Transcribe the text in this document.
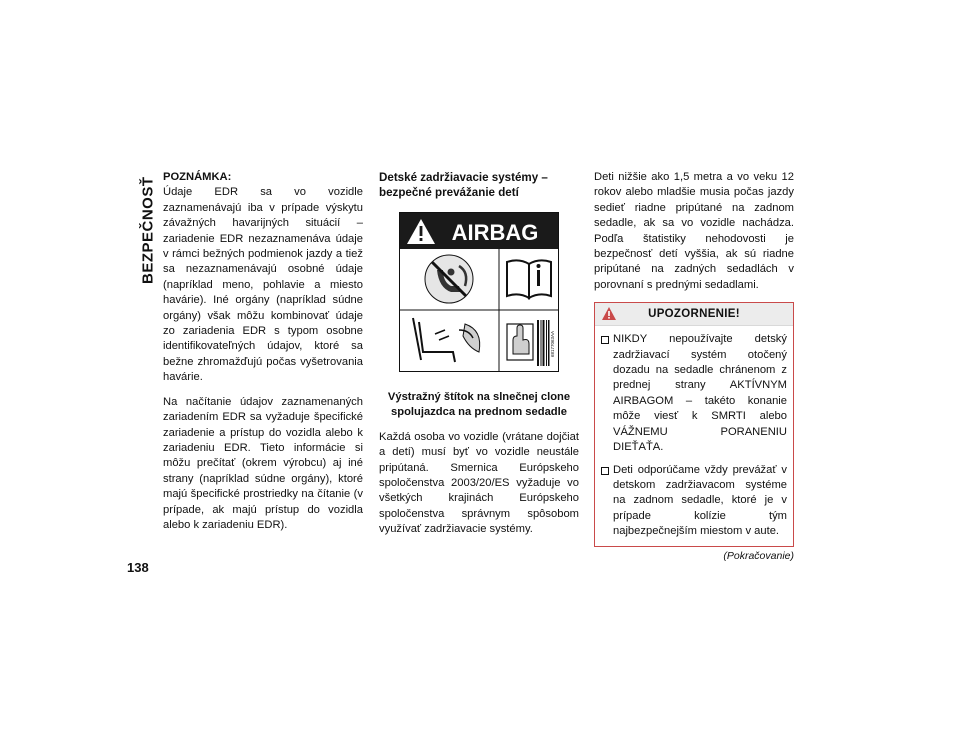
BEZPEČNOSŤ
138

POZNÁMKA:
Údaje EDR sa vo vozidle zaznamenávajú iba v prípade výskytu závažných havarijných situácií – zariadenie EDR nezaznamenáva údaje v rámci bežných podmienok jazdy a tiež sa nezaznamenávajú osobné údaje (napríklad meno, pohlavie a miesto havárie). Iné orgány (napríklad súdne orgány) však môžu kombinovať údaje zo zariadenia EDR s typom osobne identifikovateľných údajov, ktoré sa bežne zhromažďujú počas vyšetrovania havárie.

Na načítanie údajov zaznamenaných zariadením EDR sa vyžaduje špecifické zariadenie a prístup do vozidla alebo k zariadeniu EDR. Tieto informácie si môžu prečítať (okrem výrobcu) aj iné strany (napríklad súdne orgány), ktoré majú špecifické prostriedky na čítanie (v prípade, ak majú prístup do vozidla alebo k zariadeniu EDR).

Detské zadržiavacie systémy – bezpečné prevážanie detí
AIRBAG
68177063AA
Výstražný štítok na slnečnej clone spolujazdca na prednom sedadle

Každá osoba vo vozidle (vrátane dojčiat a detí) musí byť vo vozidle neustále pripútaná. Smernica Európskeho spoločenstva 2003/20/ES vyžaduje vo všetkých krajinách Európskeho spoločenstva správnym spôsobom využívať zadržiavacie systémy.

Deti nižšie ako 1,5 metra a vo veku 12 rokov alebo mladšie musia počas jazdy sedieť riadne pripútané na zadnom sedadle, ak sa vo vozidle nachádza. Podľa štatistiky nehodovosti je bezpečnosť detí vyššia, ak sú riadne pripútané na zadných sedadlách v porovnaní s prednými sedadlami.

UPOZORNENIE!
NIKDY nepoužívajte detský zadržiavací systém otočený dozadu na sedadle chránenom z prednej strany AKTÍVNYM AIRBAGOM – takéto konanie môže viesť k SMRTI alebo VÁŽNEMU PORANENIU DIEŤAŤA.
Deti odporúčame vždy prevážať v detskom zadržiavacom systéme na zadnom sedadle, ktoré je v prípade kolízie tým najbezpečnejším miestom v aute.
(Pokračovanie)
